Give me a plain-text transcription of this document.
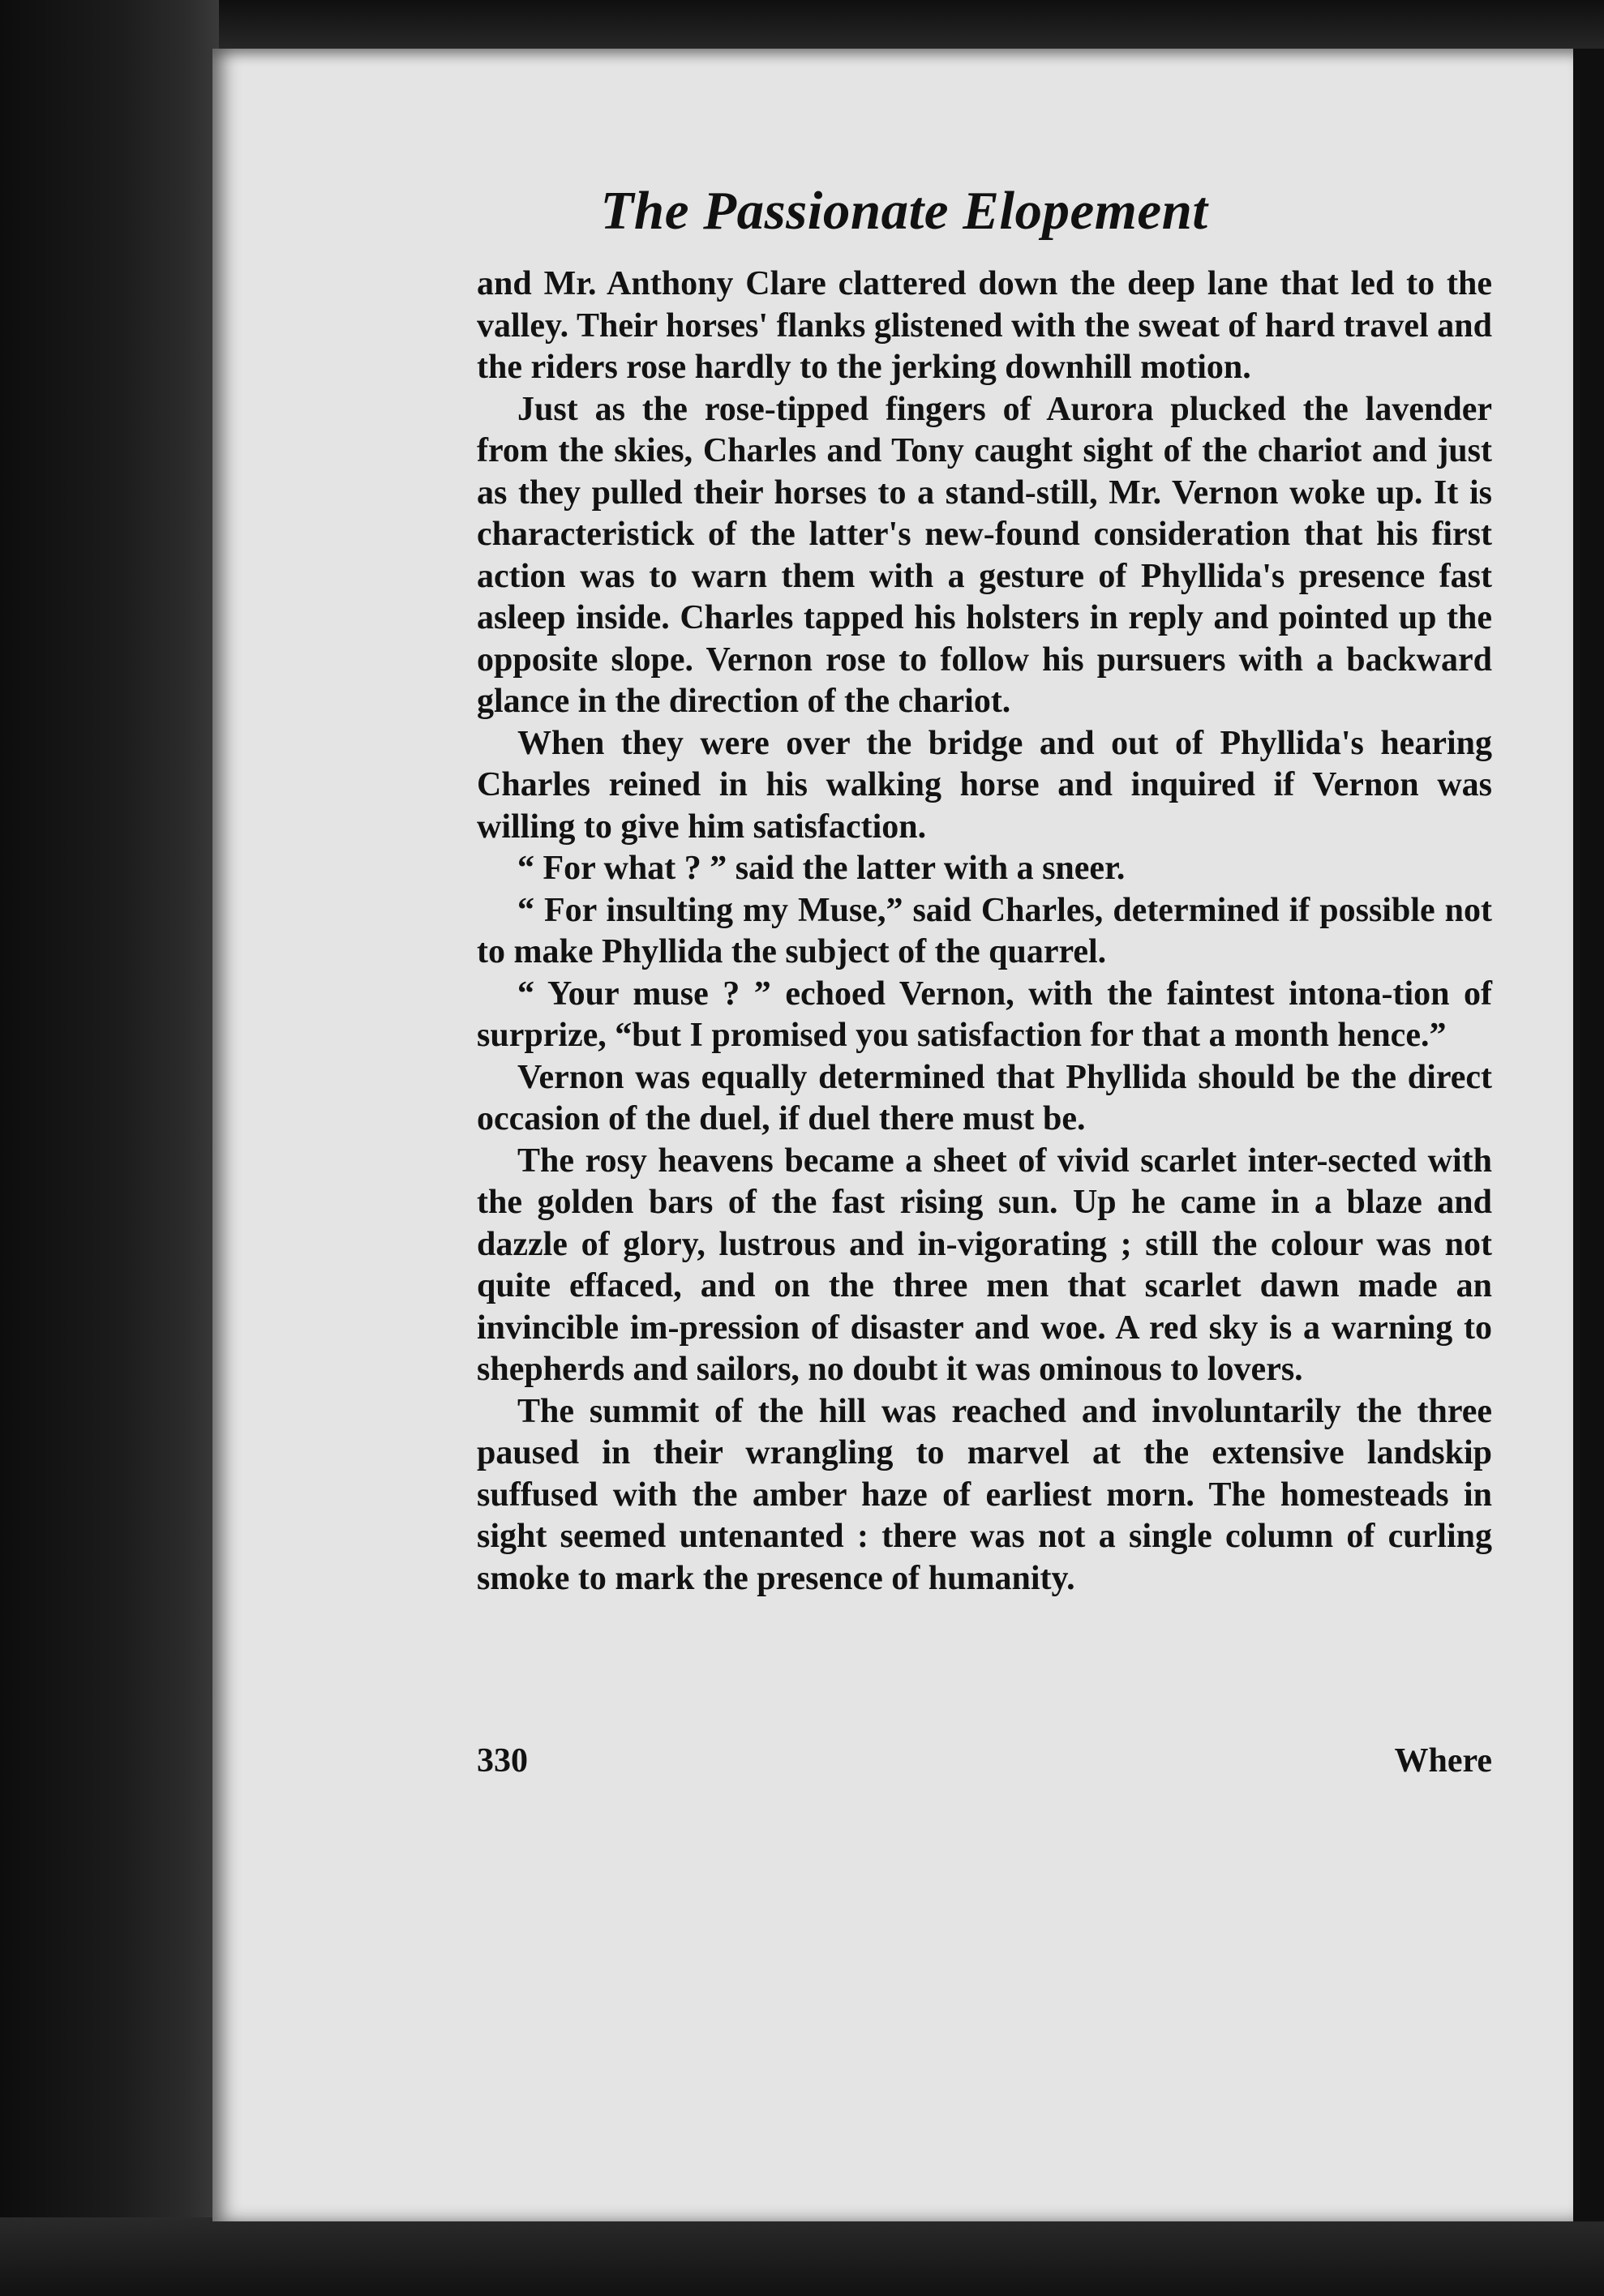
The Passionate Elopement

and Mr. Anthony Clare clattered down the deep lane that led to the valley. Their horses' flanks glistened with the sweat of hard travel and the riders rose hardly to the jerking downhill motion.

Just as the rose-tipped fingers of Aurora plucked the lavender from the skies, Charles and Tony caught sight of the chariot and just as they pulled their horses to a stand-still, Mr. Vernon woke up. It is characteristick of the latter's new-found consideration that his first action was to warn them with a gesture of Phyllida's presence fast asleep inside. Charles tapped his holsters in reply and pointed up the opposite slope. Vernon rose to follow his pursuers with a backward glance in the direction of the chariot.

When they were over the bridge and out of Phyllida's hearing Charles reined in his walking horse and inquired if Vernon was willing to give him satisfaction.

“ For what ? ” said the latter with a sneer.

“ For insulting my Muse,” said Charles, determined if possible not to make Phyllida the subject of the quarrel.

“ Your muse ? ” echoed Vernon, with the faintest intona-tion of surprize, “but I promised you satisfaction for that a month hence.”

Vernon was equally determined that Phyllida should be the direct occasion of the duel, if duel there must be.

The rosy heavens became a sheet of vivid scarlet inter-sected with the golden bars of the fast rising sun. Up he came in a blaze and dazzle of glory, lustrous and in-vigorating ; still the colour was not quite effaced, and on the three men that scarlet dawn made an invincible im-pression of disaster and woe. A red sky is a warning to shepherds and sailors, no doubt it was ominous to lovers.

The summit of the hill was reached and involuntarily the three paused in their wrangling to marvel at the extensive landskip suffused with the amber haze of earliest morn. The homesteads in sight seemed untenanted : there was not a single column of curling smoke to mark the presence of humanity.

330	Where
